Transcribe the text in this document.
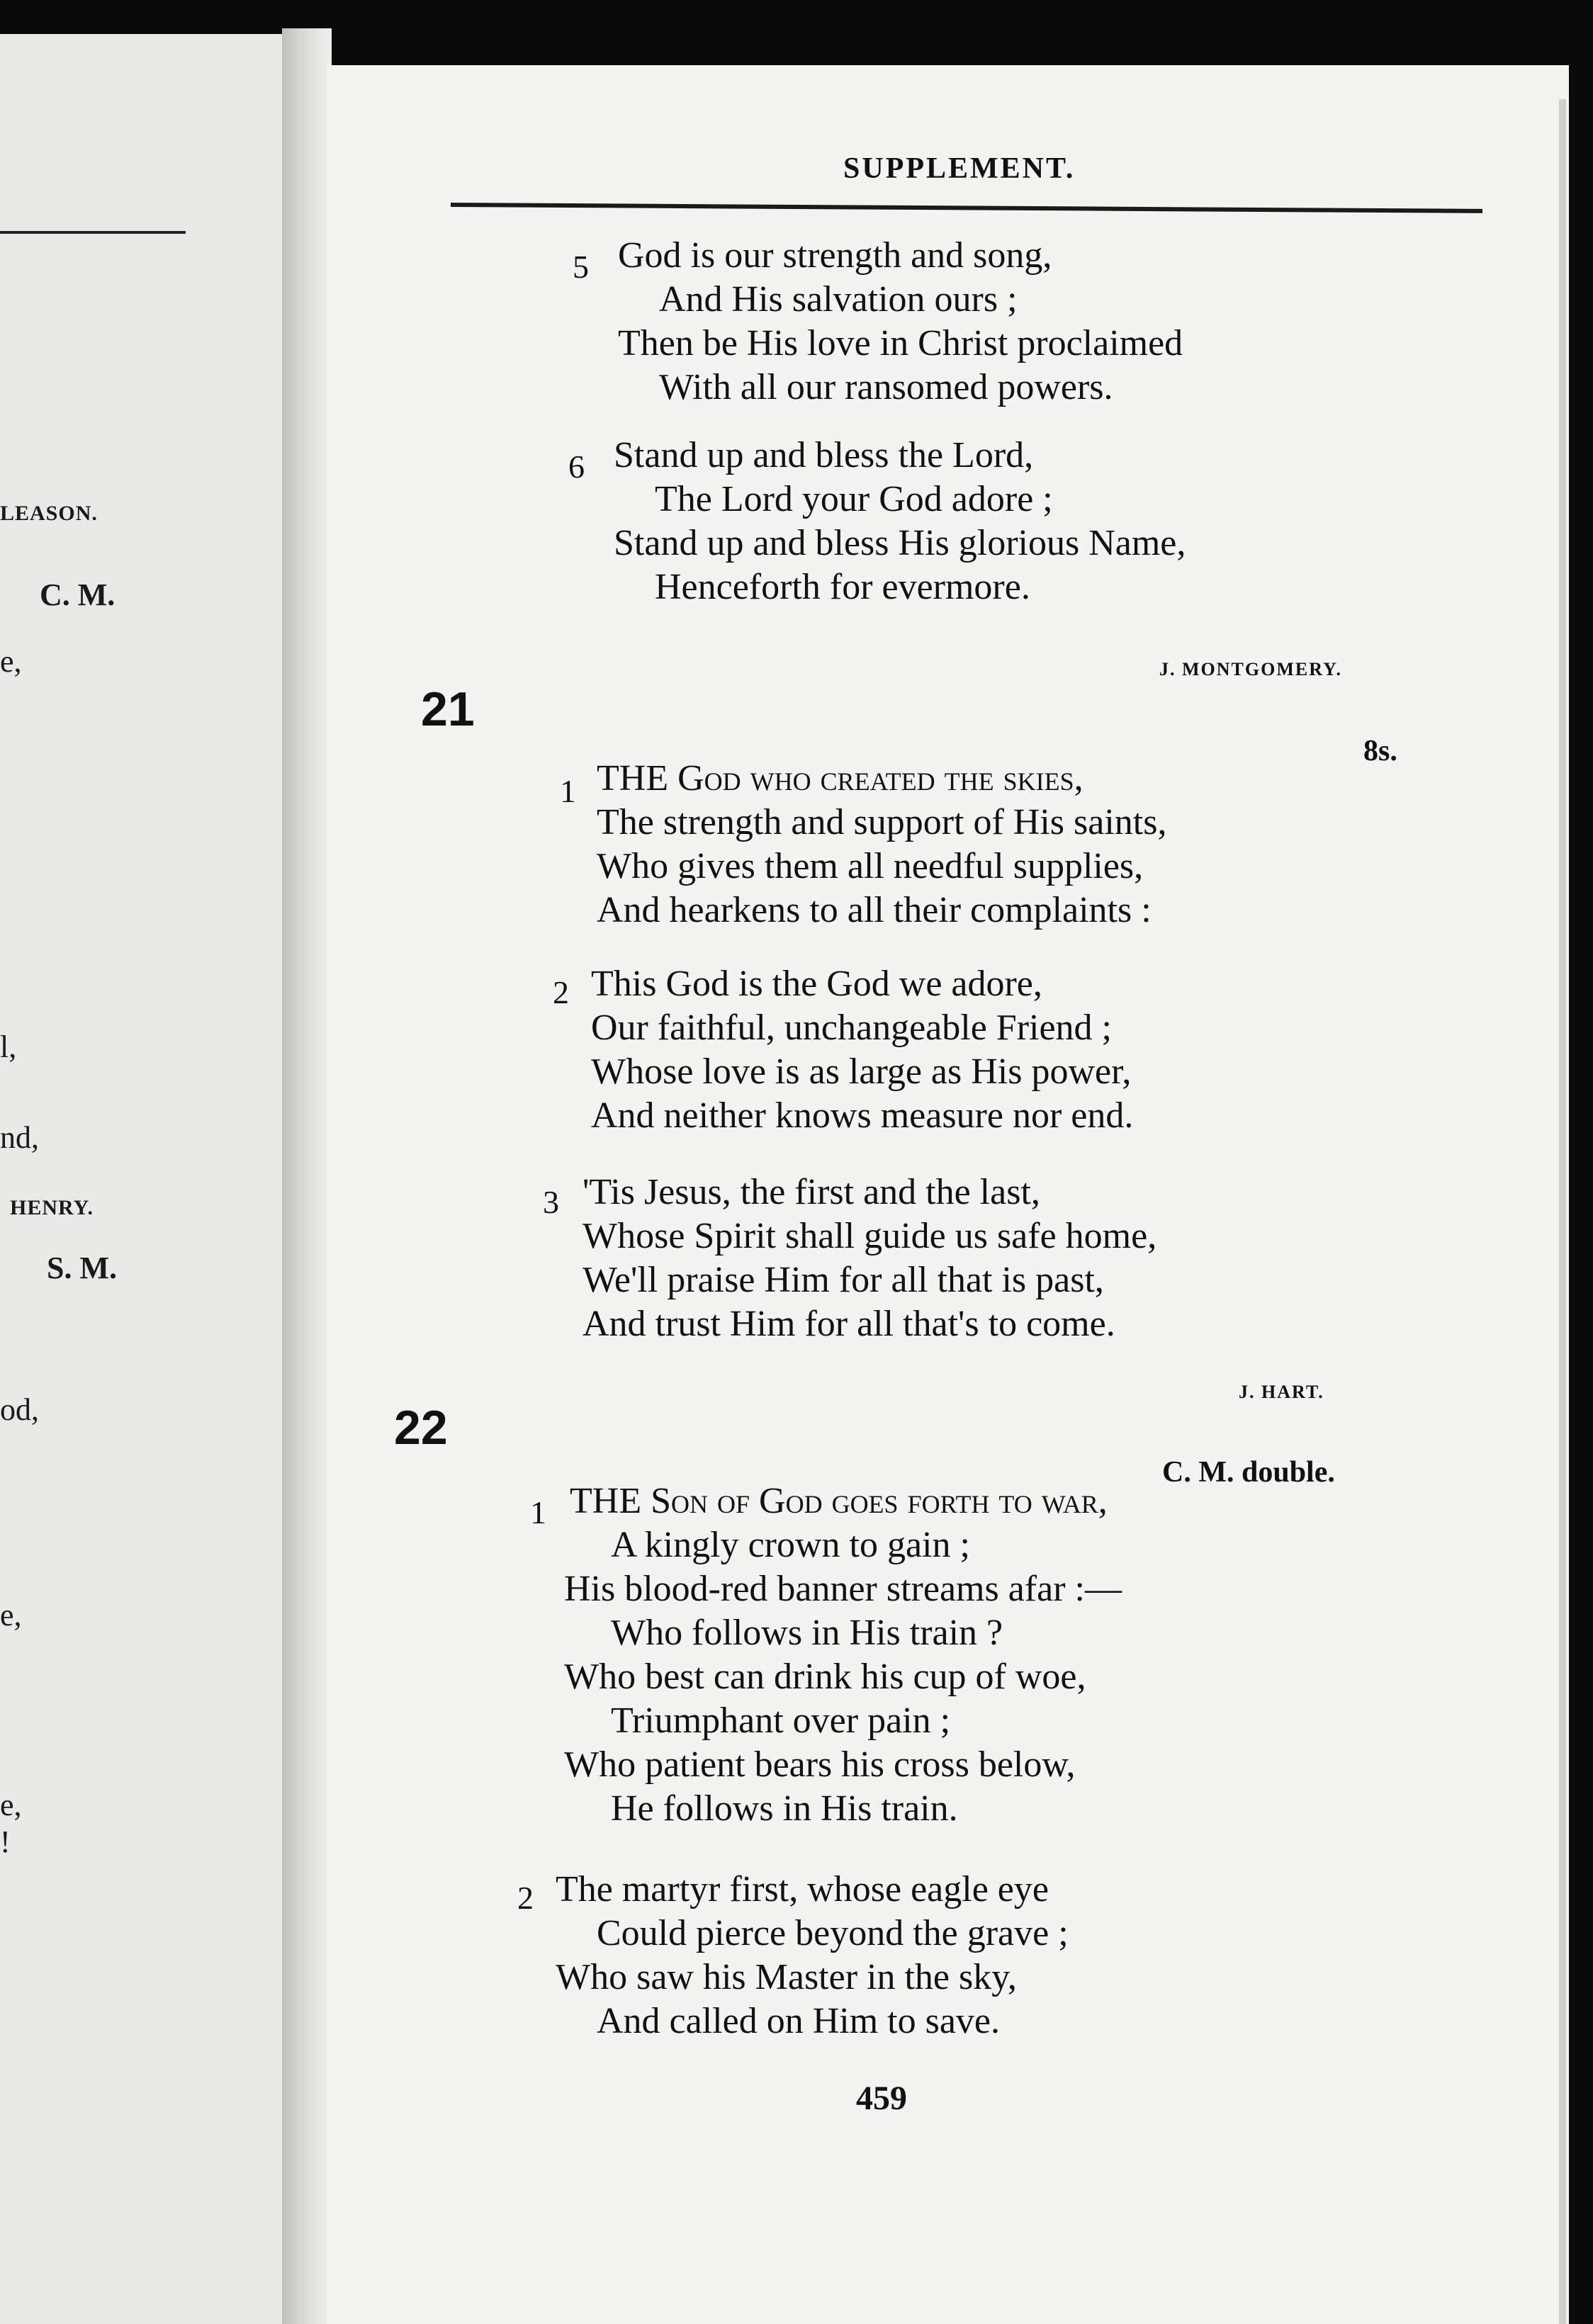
LEASON.
C. M.
e,
l,
nd,
HENRY.
S. M.
od,
e,
e,
!
SUPPLEMENT.
5 God is our strength and song,
And His salvation ours ;
Then be His love in Christ proclaimed
With all our ransomed powers.
6 Stand up and bless the Lord,
The Lord your God adore ;
Stand up and bless His glorious Name,
Henceforth for evermore.
J. MONTGOMERY.
21
8s.
1 THE God who created the skies,
The strength and support of His saints,
Who gives them all needful supplies,
And hearkens to all their complaints :
2 This God is the God we adore,
Our faithful, unchangeable Friend ;
Whose love is as large as His power,
And neither knows measure nor end.
3 'Tis Jesus, the first and the last,
Whose Spirit shall guide us safe home,
We'll praise Him for all that is past,
And trust Him for all that's to come.
J. HART.
22
C. M. double.
1 THE Son of God goes forth to war,
A kingly crown to gain ;
His blood-red banner streams afar :—
Who follows in His train ?
Who best can drink his cup of woe,
Triumphant over pain ;
Who patient bears his cross below,
He follows in His train.
2 The martyr first, whose eagle eye
Could pierce beyond the grave ;
Who saw his Master in the sky,
And called on Him to save.
459
